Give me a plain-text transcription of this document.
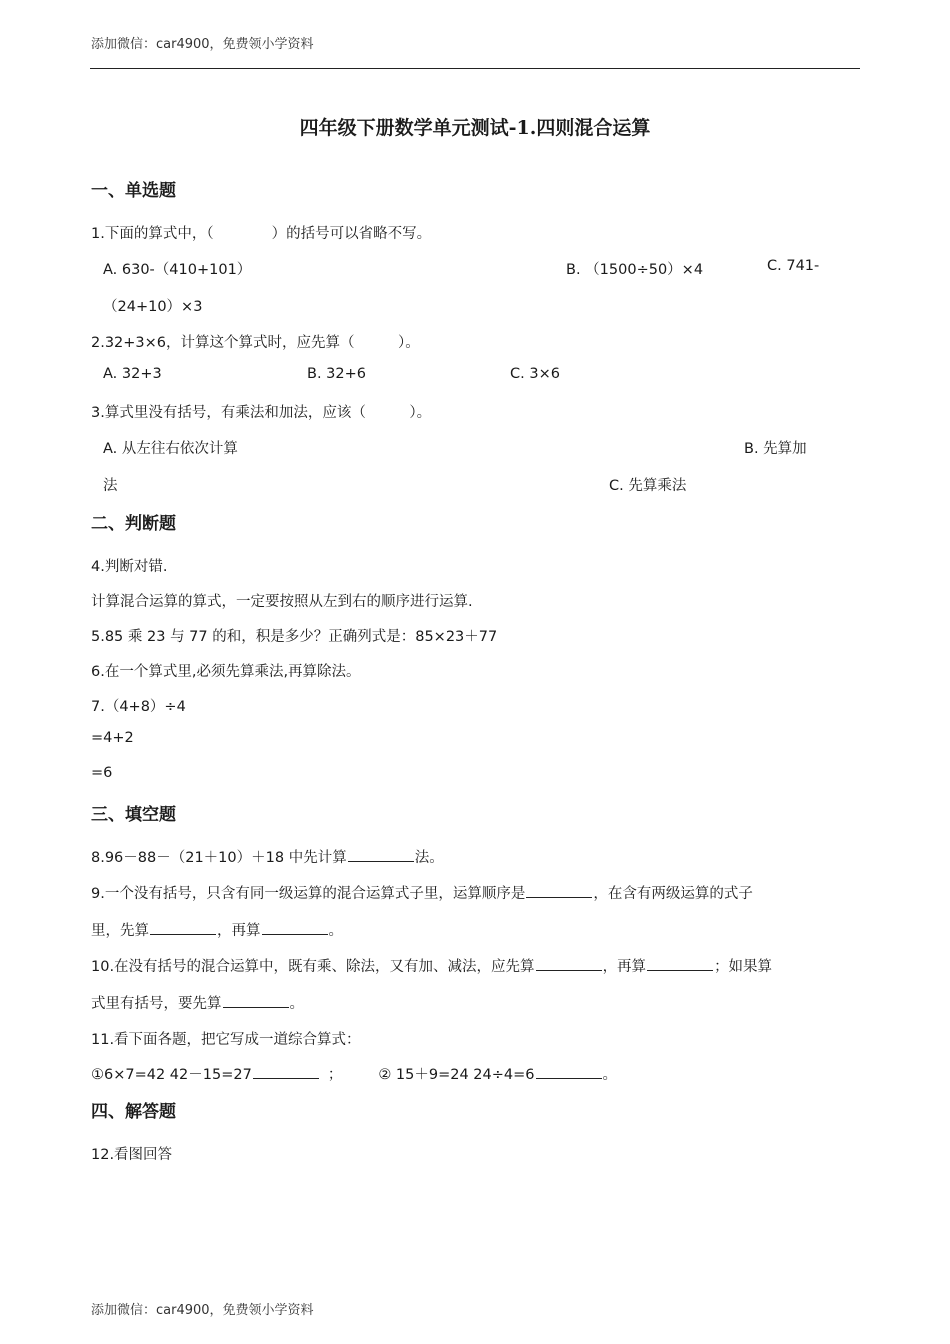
添加微信：car4900，免费领小学资料
四年级下册数学单元测试-1.四则混合运算
一、单选题
1.下面的算式中，（　　　　）的括号可以省略不写。
A. 630-（410+101）	B. （1500÷50）×4	C. 741-
（24+10）×3
2.32+3×6，计算这个算式时，应先算（　　　）。
A. 32+3	B. 32+6	C. 3×6
3.算式里没有括号，有乘法和加法，应该（　　　）。
A. 从左往右依次计算	B. 先算加
法	C. 先算乘法
二、判断题
4.判断对错.
计算混合运算的算式，一定要按照从左到右的顺序进行运算.
5.85 乘 23 与 77 的和，积是多少？正确列式是：85×23＋77
6.在一个算式里,必须先算乘法,再算除法。
7.（4+8）÷4
=4+2
=6
三、填空题
8.96－88－（21＋10）＋18 中先计算	法。
9.一个没有括号，只含有同一级运算的混合运算式子里，运算顺序是	，在含有两级运算的式子
里，先算	，再算	。
10.在没有括号的混合运算中，既有乘、除法，又有加、减法，应先算	，再算	；如果算
式里有括号，要先算	。
11.看下面各题，把它写成一道综合算式：
①6×7=42 42－15=27	； ② 15＋9=24 24÷4=6	。
四、解答题
12.看图回答
添加微信：car4900，免费领小学资料
